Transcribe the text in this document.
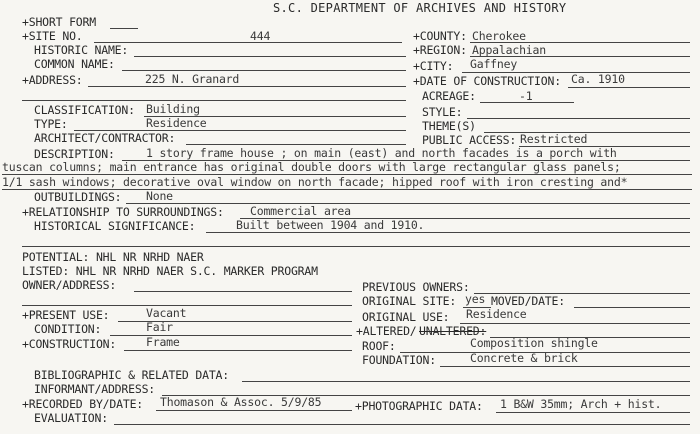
S.C. DEPARTMENT OF ARCHIVES AND HISTORY
+SHORT FORM
+SITE NO.	444	+COUNTY: Cherokee
HISTORIC NAME:	+REGION: Appalachian
COMMON NAME:	+CITY: Gaffney
+ADDRESS:	225 N. Granard	+DATE OF CONSTRUCTION: Ca. 1910
ACREAGE:	-1
CLASSIFICATION: Building	STYLE:
TYPE:	Residence	THEME(S)
ARCHITECT/CONTRACTOR:	PUBLIC ACCESS: Restricted
DESCRIPTION:	1 story frame house ; on main (east) and north facades is a porch with
tuscan columns; main entrance has original double doors with large rectangular glass panels;
1/1 sash windows; decorative oval window on north facade; hipped roof with iron cresting and*
OUTBUILDINGS: None
+RELATIONSHIP TO SURROUNDINGS: Commercial area
HISTORICAL SIGNIFICANCE:	Built between 1904 and 1910.
POTENTIAL: NHL NR NRHD NAER
LISTED: NHL NR NRHD NAER S.C. MARKER PROGRAM
OWNER/ADDRESS:	PREVIOUS OWNERS:
ORIGINAL SITE: yes MOVED/DATE:
+PRESENT USE:	Vacant	ORIGINAL USE: Residence
CONDITION:	Fair	+ALTERED/ UNALTERED:
+CONSTRUCTION:	Frame	ROOF:	Composition shingle
FOUNDATION:	Concrete & brick
BIBLIOGRAPHIC & RELATED DATA:
INFORMANT/ADDRESS:
+RECORDED BY/DATE: Thomason & Assoc. 5/9/85	+PHOTOGRAPHIC DATA: 1 B&W 35mm; Arch + hist.
EVALUATION:
